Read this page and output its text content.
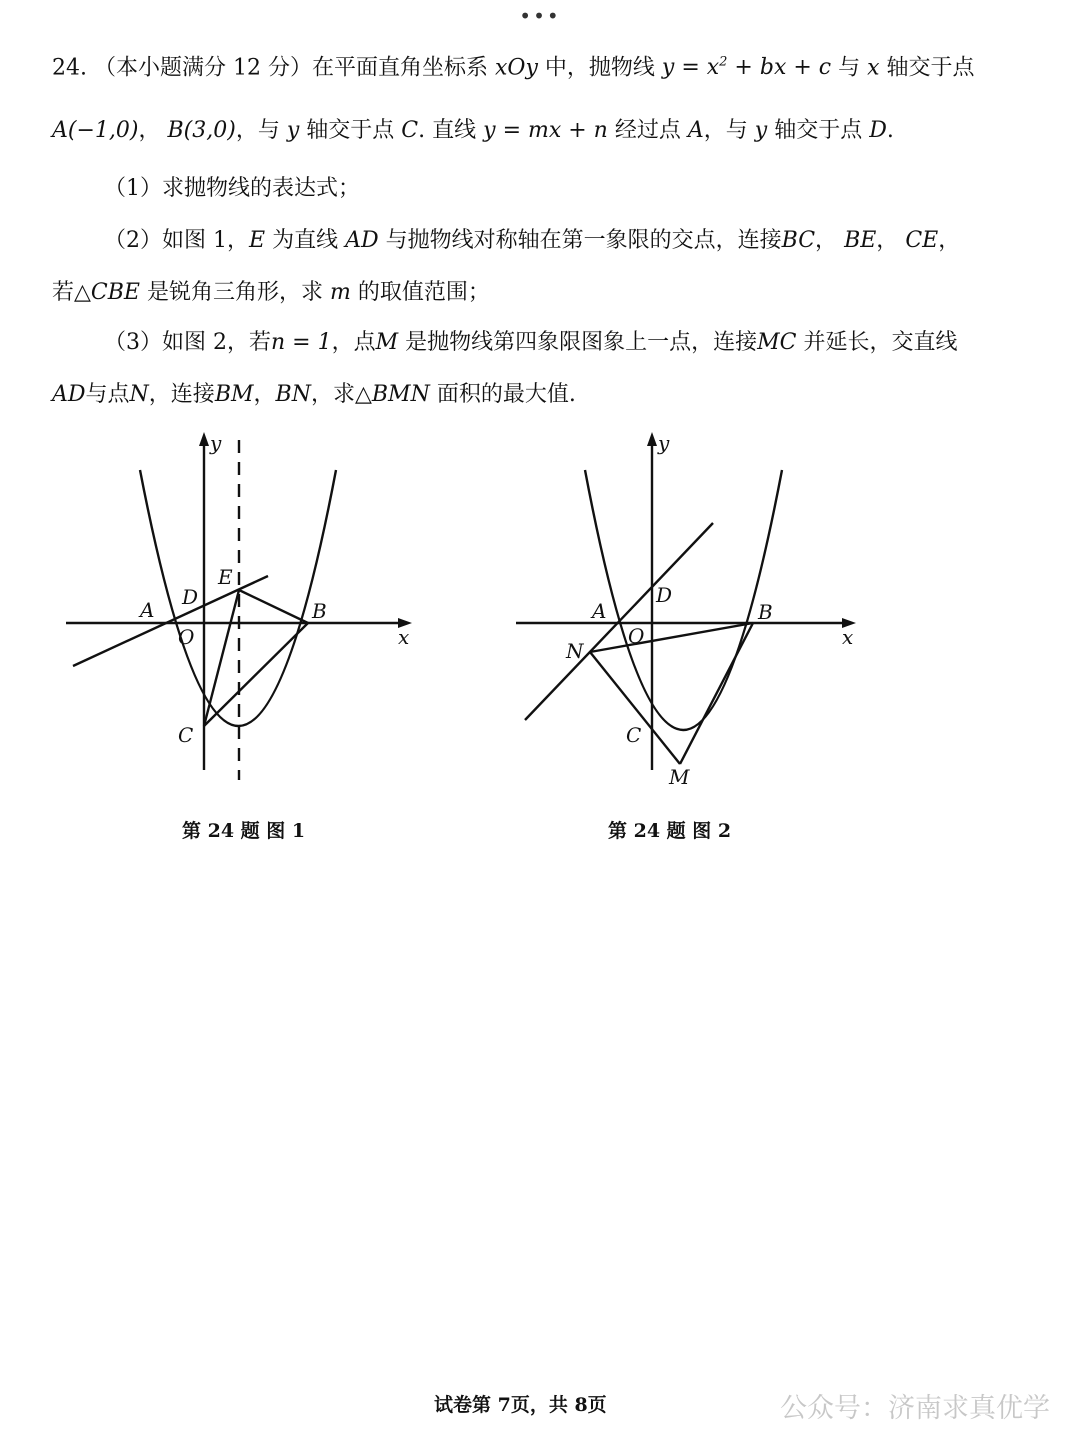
•••
24. （本小题满分 12 分）在平面直角坐标系 xOy 中，抛物线 $y = x^2$ + bx + c 与 x 轴交于点
A(−1,0)， B(3,0)，与 y 轴交于点 C. 直线 y = mx + n 经过点 A，与 y 轴交于点 D.
（1）求抛物线的表达式；
（2）如图 1，E 为直线 AD 与抛物线对称轴在第一象限的交点，连接BC， BE， CE，
若△CBE 是锐角三角形，求 m 的取值范围；
（3）如图 2，若n = 1，点M 是抛物线第四象限图象上一点，连接MC 并延长，交直线
AD与点N，连接BM，BN，求△BMN 面积的最大值.
y
x
A
D
E
B
O
C
y
x
A
D
B
O
N
C
M
第 24 题 图 1	第 24 题 图 2
试卷第 7页，共 8页	公众号：济南求真优学
